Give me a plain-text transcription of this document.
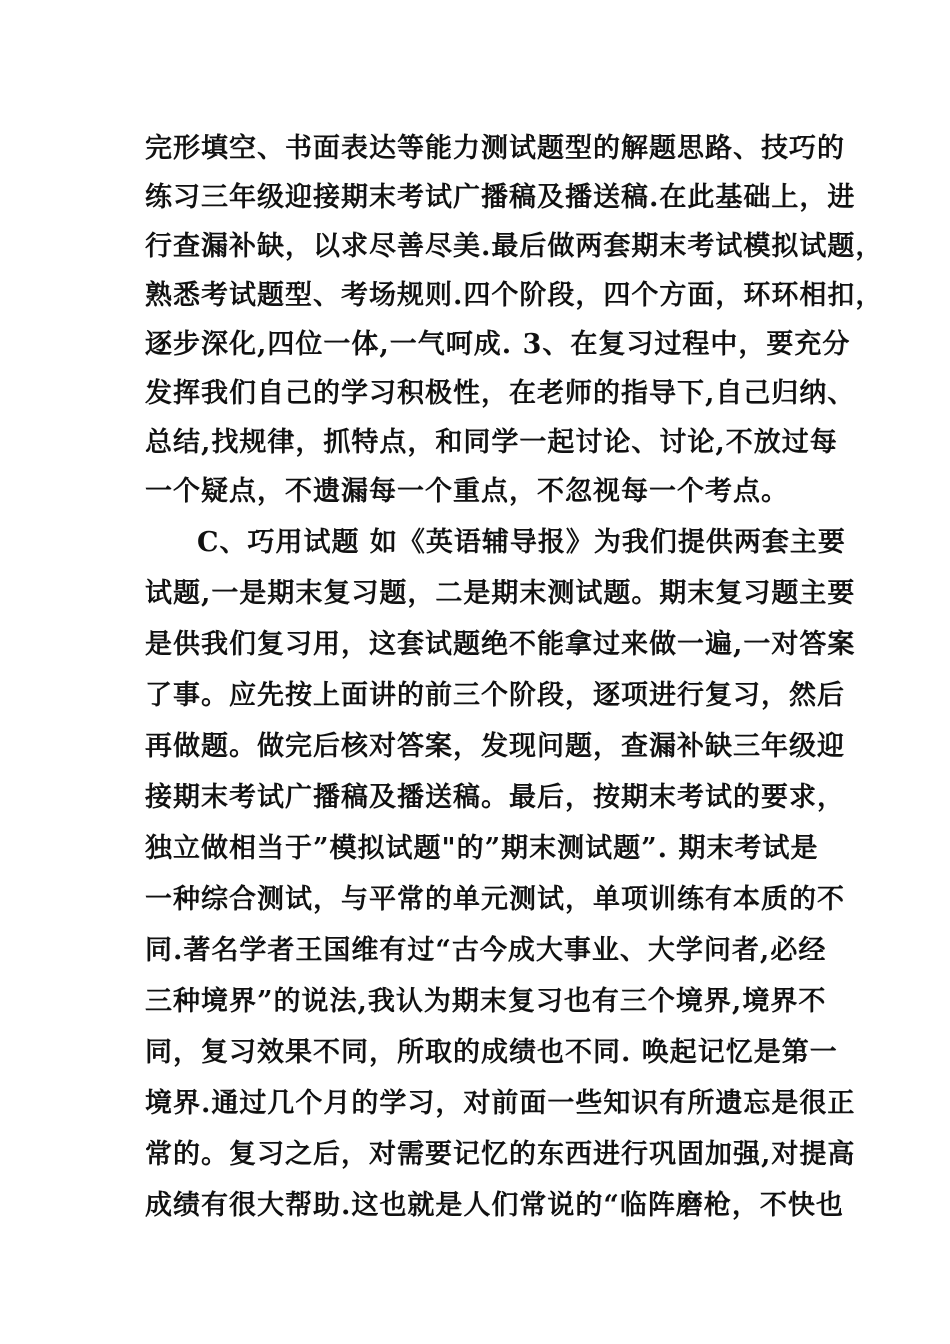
完形填空、书面表达等能力测试题型的解题思路、技巧的
练习三年级迎接期末考试广播稿及播送稿.在此基础上，进
行查漏补缺，以求尽善尽美.最后做两套期末考试模拟试题，
熟悉考试题型、考场规则.四个阶段，四个方面，环环相扣，
逐步深化,四位一体,一气呵成. 3、在复习过程中，要充分
发挥我们自己的学习积极性，在老师的指导下,自己归纳、
总结,找规律，抓特点，和同学一起讨论、讨论,不放过每
一个疑点，不遗漏每一个重点，不忽视每一个考点。
C、巧用试题 如《英语辅导报》为我们提供两套主要
试题,一是期末复习题，二是期末测试题。期末复习题主要
是供我们复习用，这套试题绝不能拿过来做一遍,一对答案
了事。应先按上面讲的前三个阶段，逐项进行复习，然后
再做题。做完后核对答案，发现问题，查漏补缺三年级迎
接期末考试广播稿及播送稿。最后，按期末考试的要求，
独立做相当于”模拟试题"的”期末测试题”. 期末考试是
一种综合测试，与平常的单元测试，单项训练有本质的不
同.著名学者王国维有过“古今成大事业、大学问者,必经
三种境界”的说法,我认为期末复习也有三个境界,境界不
同，复习效果不同，所取的成绩也不同. 唤起记忆是第一
境界.通过几个月的学习，对前面一些知识有所遗忘是很正
常的。复习之后，对需要记忆的东西进行巩固加强,对提高
成绩有很大帮助.这也就是人们常说的“临阵磨枪，不快也
